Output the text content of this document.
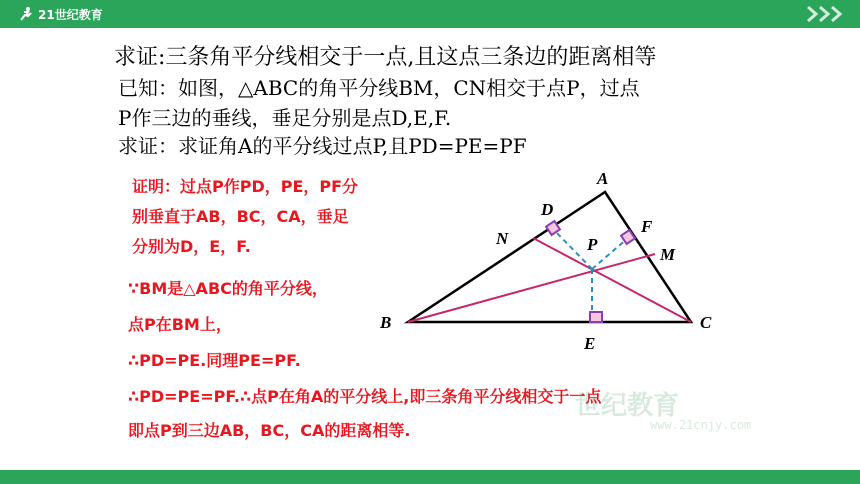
21世纪教育
求证:三条角平分线相交于一点,且这点三条边的距离相等
已知：如图，△ABC的角平分线BM，CN相交于点P，过点
P作三边的垂线，垂足分别是点D,E,F.
求证：求证角A的平分线过点P,且PD=PE=PF
证明：过点P作PD，PE，PF分
别垂直于AB，BC，CA，垂足
分别为D，E，F.
∵BM是△ABC的角平分线，
点P在BM上，
∴PD=PE.同理PE=PF.
∴PD=PE=PF.∴点P在角A的平分线上,即三条角平分线相交于一点
即点P到三边AB，BC，CA的距离相等.
世纪教育
www.21cnjy.com
A
B	C
D
E
F
M
N	P
